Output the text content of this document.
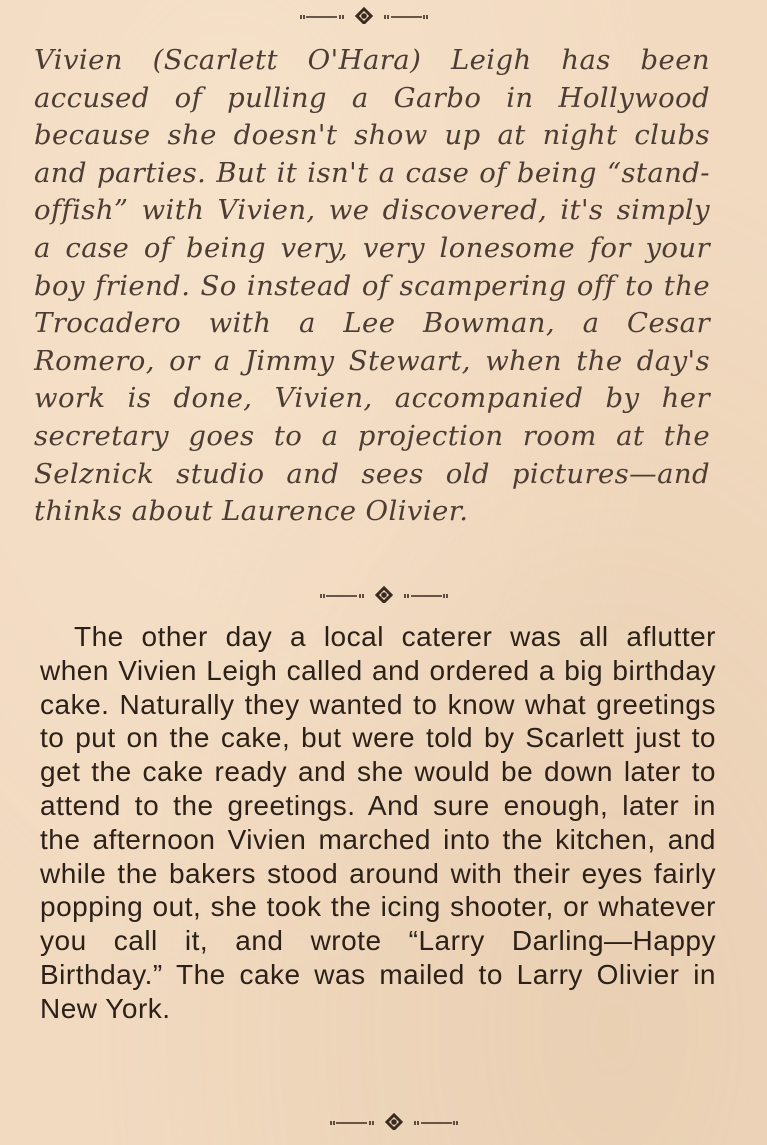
Vivien (Scarlett O'Hara) Leigh has been accused of pulling a Garbo in Hollywood because she doesn't show up at night clubs and parties. But it isn't a case of being “stand-offish” with Vivien, we discovered, it's simply a case of being very, very lonesome for your boy friend. So instead of scampering off to the Trocadero with a Lee Bowman, a Cesar Romero, or a Jimmy Stewart, when the day's work is done, Vivien, accompanied by her secretary goes to a projection room at the Selznick studio and sees old pictures—and thinks about Laurence Olivier.

The other day a local caterer was all aflutter when Vivien Leigh called and ordered a big birthday cake. Naturally they wanted to know what greetings to put on the cake, but were told by Scarlett just to get the cake ready and she would be down later to attend to the greetings. And sure enough, later in the afternoon Vivien marched into the kitchen, and while the bakers stood around with their eyes fairly popping out, she took the icing shooter, or whatever you call it, and wrote “Larry Darling—Happy Birthday.” The cake was mailed to Larry Olivier in New York.
